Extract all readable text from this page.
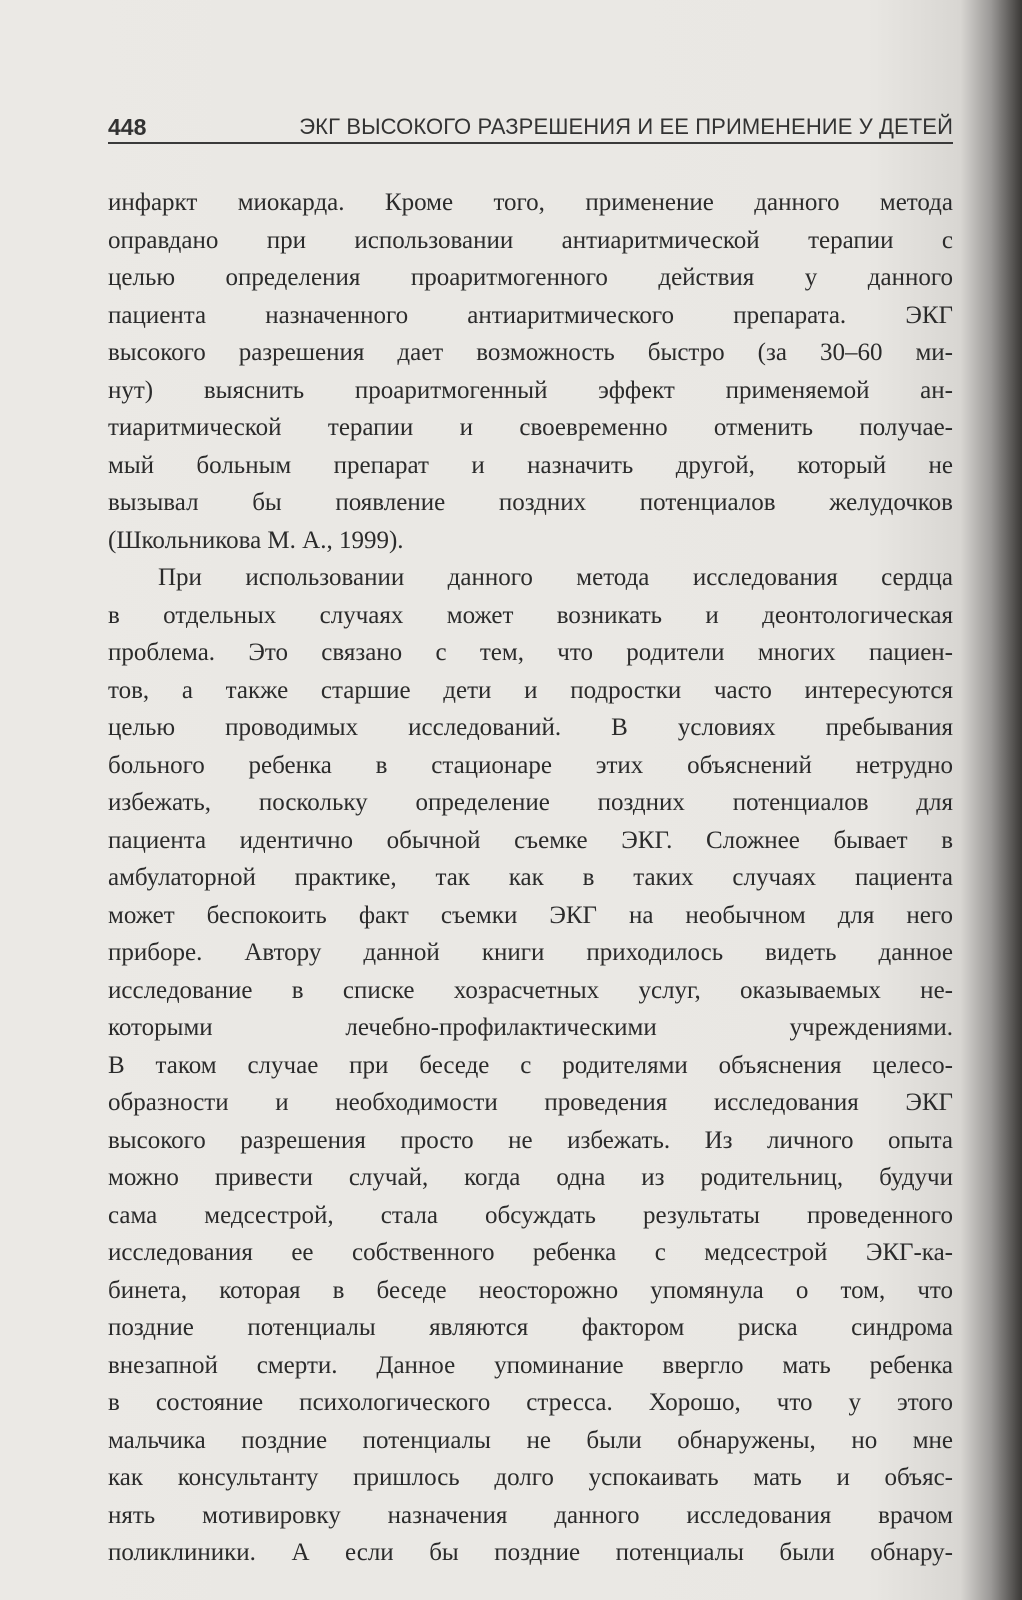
448	ЭКГ ВЫСОКОГО РАЗРЕШЕНИЯ И ЕЕ ПРИМЕНЕНИЕ У ДЕТЕЙ
инфаркт миокарда. Кроме того, применение данного метода
оправдано при использовании антиаритмической терапии с
целью определения проаритмогенного действия у данного
пациента назначенного антиаритмического препарата. ЭКГ
высокого разрешения дает возможность быстро (за 30–60 ми-
нут) выяснить проаритмогенный эффект применяемой ан-
тиаритмической терапии и своевременно отменить получае-
мый больным препарат и назначить другой, который не
вызывал бы появление поздних потенциалов желудочков
(Школьникова М. А., 1999).
При использовании данного метода исследования сердца
в отдельных случаях может возникать и деонтологическая
проблема. Это связано с тем, что родители многих пациен-
тов, а также старшие дети и подростки часто интересуются
целью проводимых исследований. В условиях пребывания
больного ребенка в стационаре этих объяснений нетрудно
избежать, поскольку определение поздних потенциалов для
пациента идентично обычной съемке ЭКГ. Сложнее бывает в
амбулаторной практике, так как в таких случаях пациента
может беспокоить факт съемки ЭКГ на необычном для него
приборе. Автору данной книги приходилось видеть данное
исследование в списке хозрасчетных услуг, оказываемых не-
которыми лечебно-профилактическими учреждениями.
В таком случае при беседе с родителями объяснения целесо-
образности и необходимости проведения исследования ЭКГ
высокого разрешения просто не избежать. Из личного опыта
можно привести случай, когда одна из родительниц, будучи
сама медсестрой, стала обсуждать результаты проведенного
исследования ее собственного ребенка с медсестрой ЭКГ-ка-
бинета, которая в беседе неосторожно упомянула о том, что
поздние потенциалы являются фактором риска синдрома
внезапной смерти. Данное упоминание ввергло мать ребенка
в состояние психологического стресса. Хорошо, что у этого
мальчика поздние потенциалы не были обнаружены, но мне
как консультанту пришлось долго успокаивать мать и объяс-
нять мотивировку назначения данного исследования врачом
поликлиники. А если бы поздние потенциалы были обнару-
